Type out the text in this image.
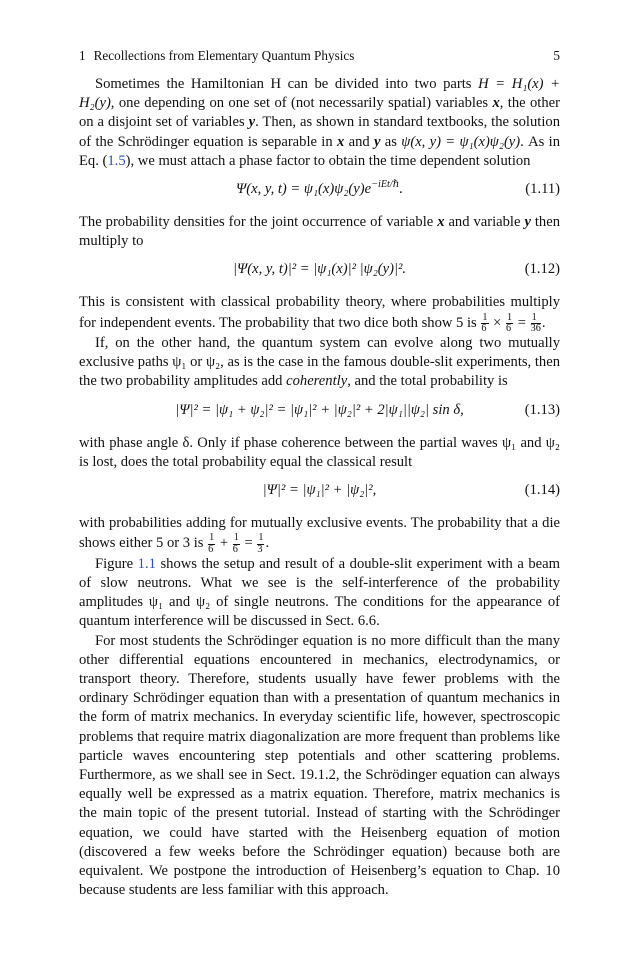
1 Recollections from Elementary Quantum Physics	5

Sometimes the Hamiltonian H can be divided into two parts H = H₁(x) + H₂(y), one depending on one set of (not necessarily spatial) variables x, the other on a disjoint set of variables y. Then, as shown in standard textbooks, the solution of the Schrödinger equation is separable in x and y as ψ(x, y) = ψ₁(x)ψ₂(y). As in Eq. (1.5), we must attach a phase factor to obtain the time dependent solution

Ψ(x, y, $t) = \psi_1(x)\psi_2(y)e^{-iEt/\hbar}$.	(1.11)

The probability densities for the joint occurrence of variable x and variable y then multiply to

|Ψ(x, y, t)|² = |ψ₁(x)|² |ψ₂(y)|².	(1.12)

This is consistent with classical probability theory, where probabilities multiply for independent events. The probability that two dice both show 5 is $\frac{1}{6} \times \frac{1}{6} = \frac{1}{36}$ .

If, on the other hand, the quantum system can evolve along two mutually exclusive paths ψ₁ or ψ₂, as is the case in the famous double-slit experiments, then the two probability amplitudes add coherently, and the total probability is

|Ψ|² = |ψ₁ + ψ₂|² = |ψ₁|² + |ψ₂|² + 2|ψ₁||ψ₂| sin δ,	(1.13)

with phase angle δ. Only if phase coherence between the partial waves ψ₁ and ψ₂ is lost, does the total probability equal the classical result

|Ψ|² = |ψ₁|² + |ψ₂|²,	(1.14)

with probabilities adding for mutually exclusive events. The probability that a die shows either 5 or 3 is $\frac{1}{6} + \frac{1}{6} = \frac{1}{3}$ .

Figure 1.1 shows the setup and result of a double-slit experiment with a beam of slow neutrons. What we see is the self-interference of the probability amplitudes ψ₁ and ψ₂ of single neutrons. The conditions for the appearance of quantum interference will be discussed in Sect. 6.6.

For most students the Schrödinger equation is no more difficult than the many other differential equations encountered in mechanics, electrodynamics, or transport theory. Therefore, students usually have fewer problems with the ordinary Schrödinger equation than with a presentation of quantum mechanics in the form of matrix mechanics. In everyday scientific life, however, spectroscopic problems that require matrix diagonalization are more frequent than problems like particle waves encountering step potentials and other scattering problems. Furthermore, as we shall see in Sect. 19.1.2, the Schrödinger equation can always equally well be expressed as a matrix equation. Therefore, matrix mechanics is the main topic of the present tutorial. Instead of starting with the Schrödinger equation, we could have started with the Heisenberg equation of motion (discovered a few weeks before the Schrödinger equation) because both are equivalent. We postpone the introduction of Heisenberg’s equation to Chap. 10 because students are less familiar with this approach.
